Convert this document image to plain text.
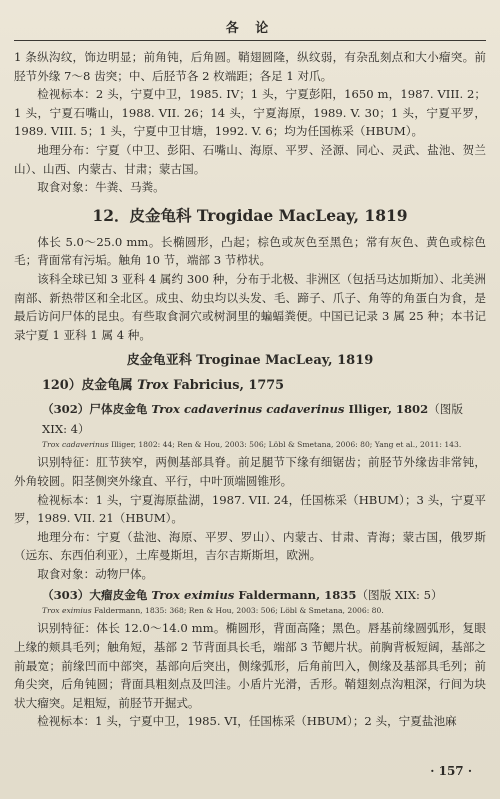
各 论

1 条纵沟纹，饰边明显；前角钝，后角圆。鞘翅圆隆，纵纹弱，有杂乱刻点和大小瘤突。前胫节外缘 7～8 齿突；中、后胫节各 2 枚端距；各足 1 对爪。

检视标本：2 头，宁夏中卫，1985. IV；1 头，宁夏彭阳，1650 m，1987. VIII. 2；1 头，宁夏石嘴山，1988. VII. 26；14 头，宁夏海原，1989. V. 30；1 头，宁夏平罗，1989. VIII. 5；1 头，宁夏中卫甘塘，1992. V. 6；均为任国栋采（HBUM）。

地理分布：宁夏（中卫、彭阳、石嘴山、海原、平罗、泾源、同心、灵武、盐池、贺兰山）、山西、内蒙古、甘肃；蒙古国。

取食对象：牛粪、马粪。

12．皮金龟科 Trogidae MacLeay, 1819

体长 5.0～25.0 mm。长椭圆形，凸起；棕色或灰色至黑色；常有灰色、黄色或棕色毛；背面常有污垢。触角 10 节，端部 3 节栉状。

该科全球已知 3 亚科 4 属约 300 种，分布于北极、非洲区（包括马达加斯加）、北美洲南部、新热带区和全北区。成虫、幼虫均以头发、毛、蹄子、爪子、角等的角蛋白为食，是最后访问尸体的昆虫。有些取食洞穴或树洞里的蝙蝠粪便。中国已记录 3 属 25 种；本书记录宁夏 1 亚科 1 属 4 种。

皮金龟亚科 Troginae MacLeay, 1819
120）皮金龟属 Trox Fabricius, 1775
（302）尸体皮金龟 Trox cadaverinus cadaverinus Illiger, 1802（图版 XIX: 4）
Trox cadaverinus Illiger, 1802: 44; Ren & Hou, 2003: 506; Löbl & Smetana, 2006: 80; Yang et al., 2011: 143.

识别特征：肛节狭窄，两侧基部具脊。前足腿节下缘有细锯齿；前胫节外缘齿非常钝，外角较圆。阳茎侧突外缘直、平行，中叶顶端圆锥形。

检视标本：1 头，宁夏海原盐湖，1987. VII. 24，任国栋采（HBUM）；3 头，宁夏平罗，1989. VII. 21（HBUM）。

地理分布：宁夏（盐池、海原、平罗、罗山）、内蒙古、甘肃、青海；蒙古国，俄罗斯（远东、东西伯利亚），土库曼斯坦，吉尔吉斯斯坦，欧洲。

取食对象：动物尸体。

（303）大瘤皮金龟 Trox eximius Faldermann, 1835（图版 XIX: 5）
Trox eximius Faldermann, 1835: 368; Ren & Hou, 2003: 506; Löbl & Smetana, 2006: 80.

识别特征：体长 12.0～14.0 mm。椭圆形，背面高隆；黑色。唇基前缘圆弧形，复眼上缘的颊具毛列；触角短，基部 2 节背面具长毛，端部 3 节鳃片状。前胸背板短阔，基部之前最宽；前缘凹而中部突，基部向后突出，侧缘弧形，后角前凹入，侧缘及基部具毛列；前角尖突，后角钝圆；背面具粗刻点及凹洼。小盾片光滑，舌形。鞘翅刻点沟粗深，行间为块状大瘤突。足粗短，前胫节开掘式。

检视标本：1 头，宁夏中卫，1985. VI，任国栋采（HBUM）；2 头，宁夏盐池麻

· 157 ·
